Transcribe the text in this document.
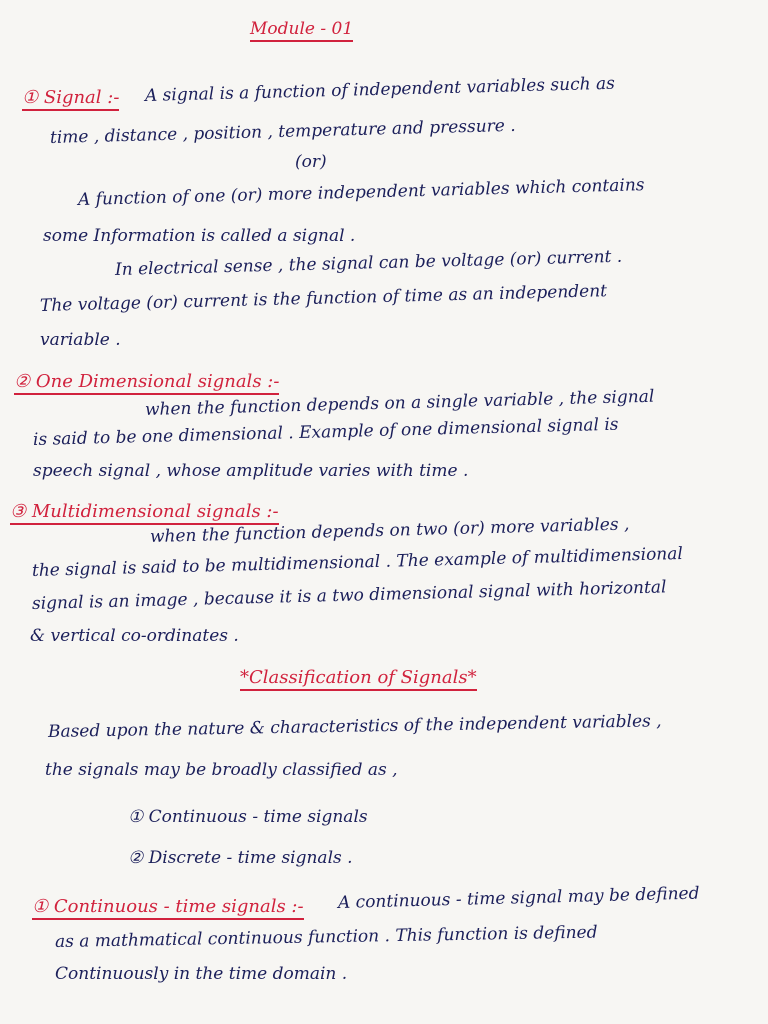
Module - 01
① Signal :- A signal is a function of independent variables such as
time , distance , position , temperature and pressure .
(or)
A function of one (or) more independent variables which contains
some Information is called a signal .
In electrical sense , the signal can be voltage (or) current .
The voltage (or) current is the function of time as an independent
variable .
② One Dimensional signals :-
when the function depends on a single variable , the signal
is said to be one dimensional . Example of one dimensional signal is
speech signal , whose amplitude varies with time .
③ Multidimensional signals :-
when the function depends on two (or) more variables ,
the signal is said to be multidimensional . The example of multidimensional
signal is an image , because it is a two dimensional signal with horizontal
& vertical co-ordinates .
*Classification of Signals*
Based upon the nature & characteristics of the independent variables ,
the signals may be broadly classified as ,
① Continuous - time signals
② Discrete - time signals .
① Continuous - time signals :- A continuous - time signal may be defined
as a mathmatical continuous function . This function is defined
Continuously in the time domain .
